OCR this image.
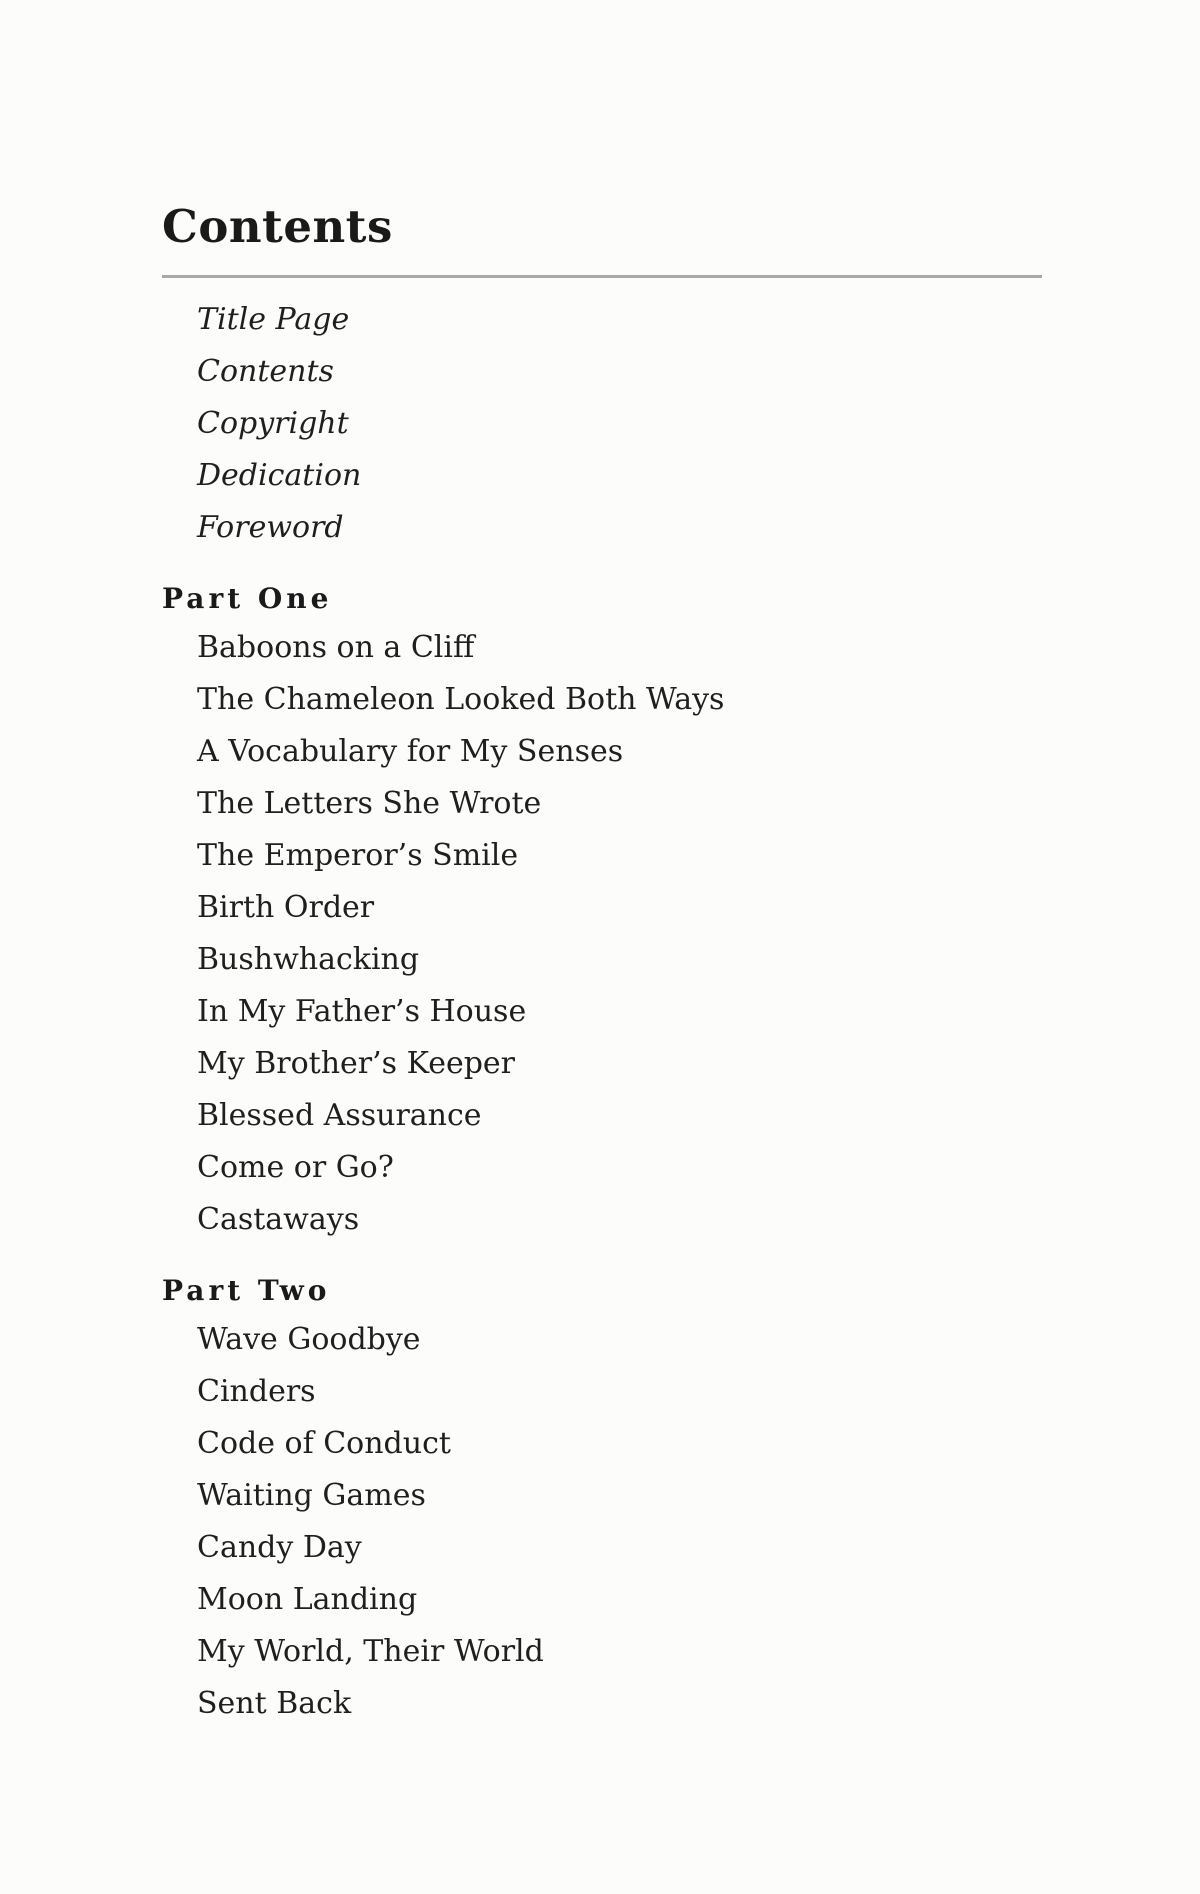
Contents
Title Page
Contents
Copyright
Dedication
Foreword
Part One
Baboons on a Cliff
The Chameleon Looked Both Ways
A Vocabulary for My Senses
The Letters She Wrote
The Emperor’s Smile
Birth Order
Bushwhacking
In My Father’s House
My Brother’s Keeper
Blessed Assurance
Come or Go?
Castaways
Part Two
Wave Goodbye
Cinders
Code of Conduct
Waiting Games
Candy Day
Moon Landing
My World, Their World
Sent Back
